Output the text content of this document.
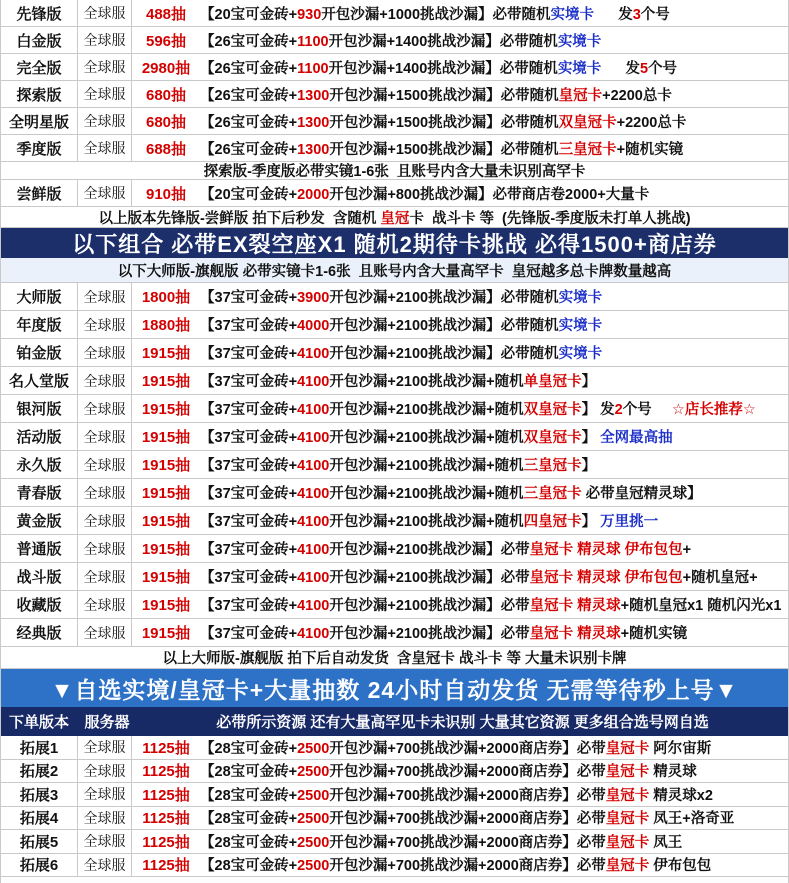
先锋版	全球服	488抽 【20宝可金砖+930开包沙漏+1000挑战沙漏】必带随机实境卡      发3个号
白金版	全球服	596抽 【26宝可金砖+1100开包沙漏+1400挑战沙漏】必带随机实境卡
完全版	全球服	2980抽 【26宝可金砖+1100开包沙漏+1400挑战沙漏】必带随机实境卡      发5个号
探索版	全球服	680抽 【26宝可金砖+1300开包沙漏+1500挑战沙漏】必带随机皇冠卡+2200总卡
全明星版	全球服	680抽 【26宝可金砖+1300开包沙漏+1500挑战沙漏】必带随机双皇冠卡+2200总卡
季度版	全球服	688抽 【26宝可金砖+1300开包沙漏+1500挑战沙漏】必带随机三皇冠卡+随机实镜
探索版-季度版必带实镜1-6张  且账号内含大量未识别高罕卡
尝鲜版	全球服	910抽 【20宝可金砖+2000开包沙漏+800挑战沙漏】必带商店卷2000+大量卡
以上版本先锋版-尝鲜版 拍下后秒发  含随机 皇冠卡  战斗卡 等  (先锋版-季度版未打单人挑战)
以下组合 必带EX裂空座X1 随机2期待卡挑战 必得1500+商店券
以下大师版-旗舰版 必带实镜卡1-6张  且账号内含大量高罕卡  皇冠越多总卡牌数量越高
大师版	全球服	1800抽 【37宝可金砖+3900开包沙漏+2100挑战沙漏】必带随机实境卡
年度版	全球服	1880抽 【37宝可金砖+4000开包沙漏+2100挑战沙漏】必带随机实境卡
铂金版	全球服	1915抽 【37宝可金砖+4100开包沙漏+2100挑战沙漏】必带随机实境卡
名人堂版	全球服	1915抽 【37宝可金砖+4100开包沙漏+2100挑战沙漏+随机单皇冠卡】
银河版	全球服	1915抽 【37宝可金砖+4100开包沙漏+2100挑战沙漏+随机双皇冠卡】 发2个号 ☆店长推荐☆
活动版	全球服	1915抽 【37宝可金砖+4100开包沙漏+2100挑战沙漏+随机双皇冠卡】 全网最高抽
永久版	全球服	1915抽 【37宝可金砖+4100开包沙漏+2100挑战沙漏+随机三皇冠卡】
青春版	全球服	1915抽 【37宝可金砖+4100开包沙漏+2100挑战沙漏+随机三皇冠卡 必带皇冠精灵球】
黄金版	全球服	1915抽 【37宝可金砖+4100开包沙漏+2100挑战沙漏+随机四皇冠卡】 万里挑一
普通版	全球服	1915抽 【37宝可金砖+4100开包沙漏+2100挑战沙漏】必带皇冠卡 精灵球 伊布包包+
战斗版	全球服	1915抽 【37宝可金砖+4100开包沙漏+2100挑战沙漏】必带皇冠卡 精灵球 伊布包包+随机皇冠+
收藏版	全球服	1915抽 【37宝可金砖+4100开包沙漏+2100挑战沙漏】必带皇冠卡 精灵球+随机皇冠x1 随机闪光x1
经典版	全球服	1915抽 【37宝可金砖+4100开包沙漏+2100挑战沙漏】必带皇冠卡 精灵球+随机实镜
以上大师版-旗舰版 拍下后自动发货  含皇冠卡 战斗卡 等 大量未识别卡牌
▼自选实境/皇冠卡+大量抽数 24小时自动发货 无需等待秒上号▼
下单版本	服务器	必带所示资源 还有大量高罕见卡未识别 大量其它资源 更多组合选号网自选
拓展1	全球服	1125抽 【28宝可金砖+2500开包沙漏+700挑战沙漏+2000商店券】必带皇冠卡 阿尔宙斯
拓展2	全球服	1125抽 【28宝可金砖+2500开包沙漏+700挑战沙漏+2000商店券】必带皇冠卡 精灵球
拓展3	全球服	1125抽 【28宝可金砖+2500开包沙漏+700挑战沙漏+2000商店券】必带皇冠卡 精灵球x2
拓展4	全球服	1125抽 【28宝可金砖+2500开包沙漏+700挑战沙漏+2000商店券】必带皇冠卡 凤王+洛奇亚
拓展5	全球服	1125抽 【28宝可金砖+2500开包沙漏+700挑战沙漏+2000商店券】必带皇冠卡 凤王
拓展6	全球服	1125抽 【28宝可金砖+2500开包沙漏+700挑战沙漏+2000商店券】必带皇冠卡 伊布包包
